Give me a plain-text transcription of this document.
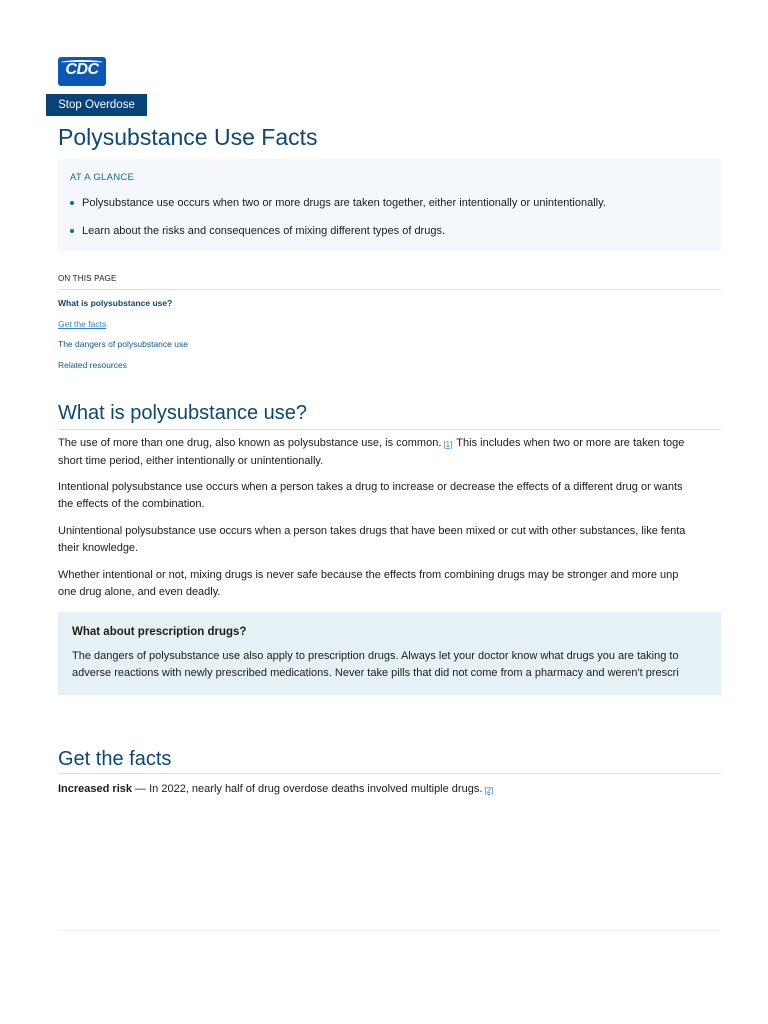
CDC
Stop Overdose
Polysubstance Use Facts
AT A GLANCE
Polysubstance use occurs when two or more drugs are taken together, either intentionally or unintentionally.
Learn about the risks and consequences of mixing different types of drugs.
ON THIS PAGE
What is polysubstance use?
Get the facts
The dangers of polysubstance use
Related resources
What is polysubstance use?

The use of more than one drug, also known as polysubstance use, is common. [1] This includes when two or more are taken toge

short time period, either intentionally or unintentionally.

Intentional polysubstance use occurs when a person takes a drug to increase or decrease the effects of a different drug or wants

the effects of the combination.

Unintentional polysubstance use occurs when a person takes drugs that have been mixed or cut with other substances, like fenta

their knowledge.

Whether intentional or not, mixing drugs is never safe because the effects from combining drugs may be stronger and more unp

one drug alone, and even deadly.

What about prescription drugs?

The dangers of polysubstance use also apply to prescription drugs. Always let your doctor know what drugs you are taking to

adverse reactions with newly prescribed medications. Never take pills that did not come from a pharmacy and weren't prescri

Get the facts

Increased risk — In 2022, nearly half of drug overdose deaths involved multiple drugs. [2]
